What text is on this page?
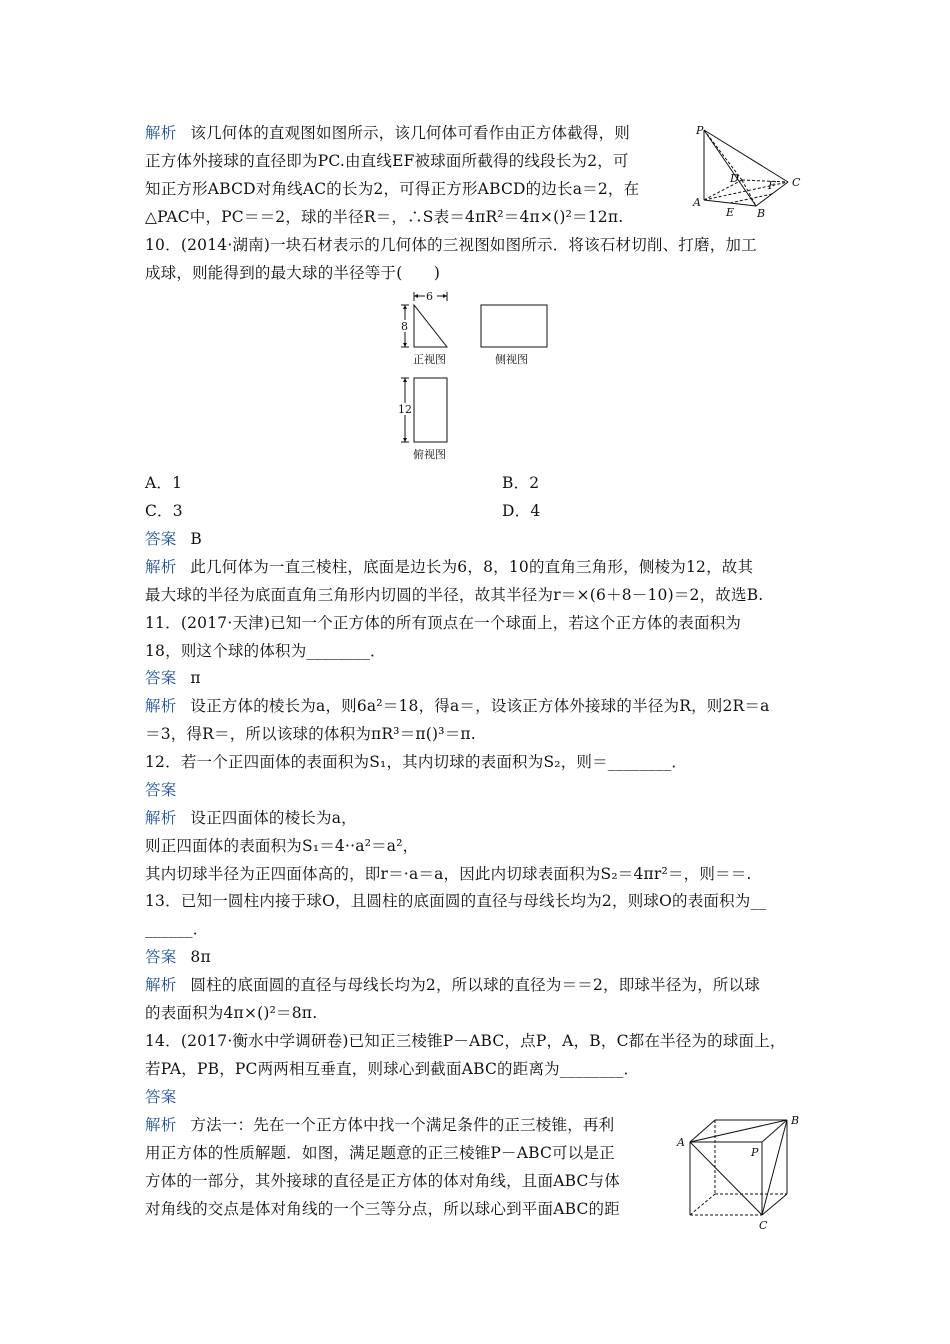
解析 该几何体的直观图如图所示，该几何体可看作由正方体截得，则
正方体外接球的直径即为PC.由直线EF被球面所截得的线段长为2，可
知正方形ABCD对角线AC的长为2，可得正方形ABCD的边长a＝2，在
△PAC中，PC＝＝2，球的半径R＝，∴S表＝4πR²＝4π×()²＝12π.
P
A
B
C
D
E
F
10．(2014·湖南)一块石材表示的几何体的三视图如图所示．将该石材切削、打磨，加工
成球，则能得到的最大球的半径等于(　　)
6
8
12
正视图	侧视图
俯视图
A．1	B．2
C．3	D．4
答案 B
解析 此几何体为一直三棱柱，底面是边长为6，8，10的直角三角形，侧棱为12，故其
最大球的半径为底面直角三角形内切圆的半径，故其半径为r＝×(6＋8－10)＝2，故选B.
11．(2017·天津)已知一个正方体的所有顶点在一个球面上，若这个正方体的表面积为
18，则这个球的体积为________．
答案 π
解析 设正方体的棱长为a，则6a²＝18，得a＝，设该正方体外接球的半径为R，则2R＝a
＝3，得R＝，所以该球的体积为πR³＝π()³＝π.
12．若一个正四面体的表面积为S₁，其内切球的表面积为S₂，则＝________．
答案
解析 设正四面体的棱长为a，
则正四面体的表面积为S₁＝4··a²＝a²，
其内切球半径为正四面体高的，即r＝·a＝a，因此内切球表面积为S₂＝4πr²＝，则＝＝.
13．已知一圆柱内接于球O，且圆柱的底面圆的直径与母线长均为2，则球O的表面积为__
______．
答案 8π
解析 圆柱的底面圆的直径与母线长均为2，所以球的直径为＝＝2，即球半径为，所以球
的表面积为4π×()²＝8π.
14．(2017·衡水中学调研卷)已知正三棱锥P－ABC，点P，A，B，C都在半径为的球面上，
若PA，PB，PC两两相互垂直，则球心到截面ABC的距离为________．
答案
解析 方法一：先在一个正方体中找一个满足条件的正三棱锥，再利
用正方体的性质解题．如图，满足题意的正三棱锥P－ABC可以是正
方体的一部分，其外接球的直径是正方体的体对角线，且面ABC与体
对角线的交点是体对角线的一个三等分点，所以球心到平面ABC的距
A
B
C
P
